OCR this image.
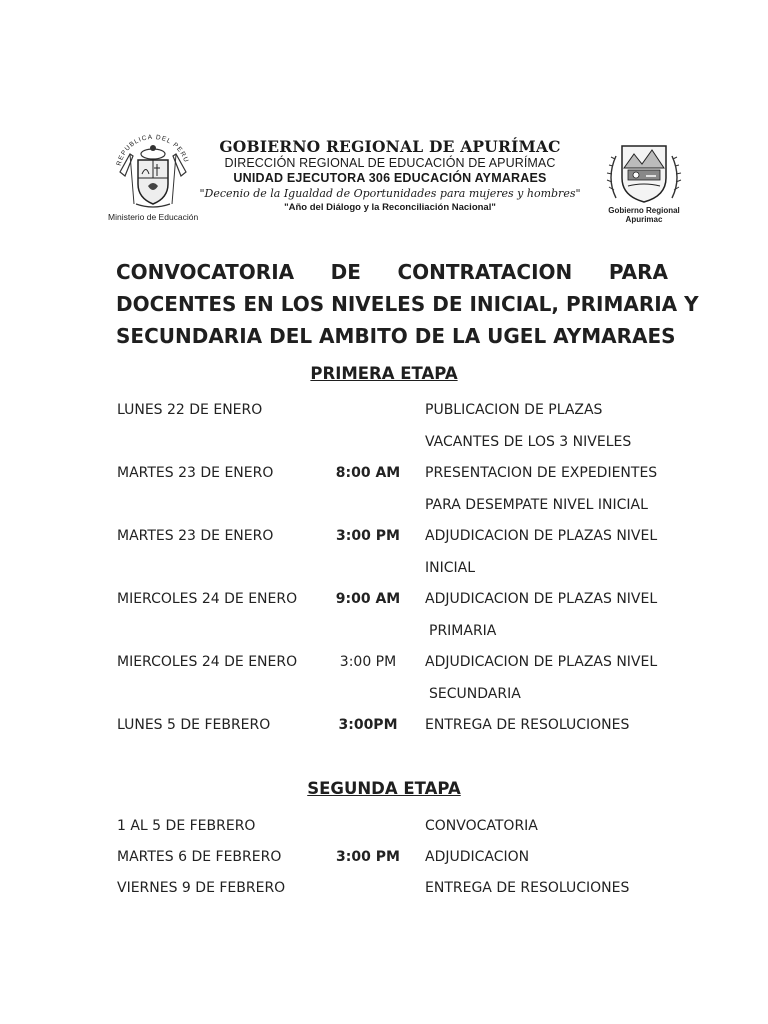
REPUBLICA DEL PERU
Ministerio de Educación
GOBIERNO REGIONAL DE APURÍMAC
DIRECCIÓN REGIONAL DE EDUCACIÓN DE APURÍMAC
UNIDAD EJECUTORA 306 EDUCACIÓN AYMARAES
"Decenio de la Igualdad de Oportunidades para mujeres y hombres"
"Año del Diálogo y la Reconciliación Nacional"	Gobierno Regional
Apurimac
CONVOCATORIA DE CONTRATACION PARA
DOCENTES EN LOS NIVELES DE INICIAL, PRIMARIA Y
SECUNDARIA DEL AMBITO DE LA UGEL AYMARAES
PRIMERA ETAPA
LUNES 22 DE ENERO	PUBLICACION DE PLAZAS
VACANTES DE LOS 3 NIVELES
MARTES 23 DE ENERO	8:00 AM	PRESENTACION DE EXPEDIENTES
PARA DESEMPATE NIVEL INICIAL
MARTES 23 DE ENERO	3:00 PM	ADJUDICACION DE PLAZAS NIVEL
INICIAL
MIERCOLES 24 DE ENERO	9:00 AM	ADJUDICACION DE PLAZAS NIVEL
PRIMARIA
MIERCOLES 24 DE ENERO	3:00 PM	ADJUDICACION DE PLAZAS NIVEL
SECUNDARIA
LUNES 5 DE FEBRERO	3:00PM	ENTREGA DE RESOLUCIONES
SEGUNDA ETAPA
1 AL 5 DE FEBRERO	CONVOCATORIA
MARTES 6 DE FEBRERO	3:00 PM	ADJUDICACION
VIERNES 9 DE FEBRERO	ENTREGA DE RESOLUCIONES
